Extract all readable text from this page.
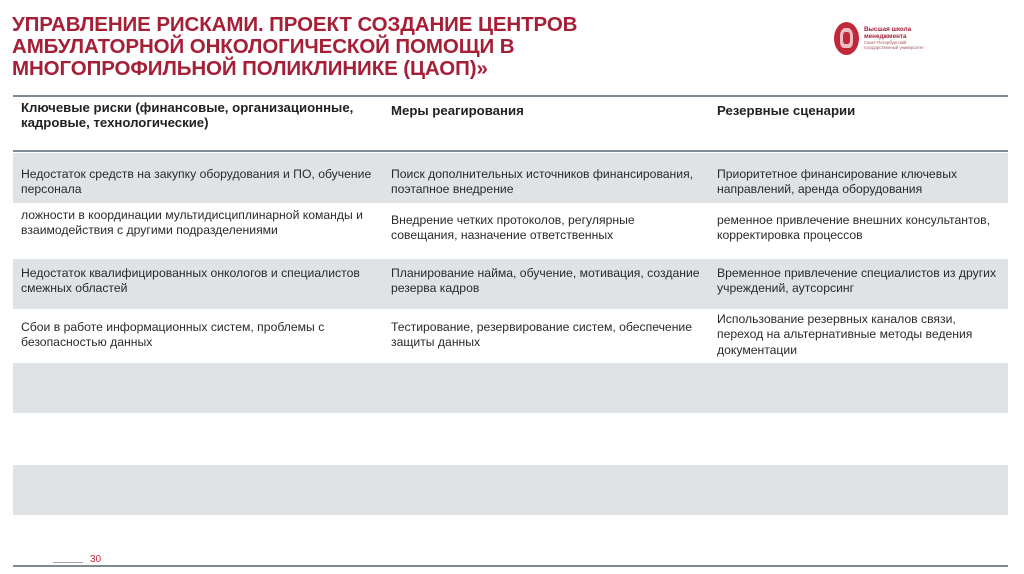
УПРАВЛЕНИЕ РИСКАМИ. ПРОЕКТ СОЗДАНИЕ ЦЕНТРОВ
АМБУЛАТОРНОЙ ОНКОЛОГИЧЕСКОЙ ПОМОЩИ В
МНОГОПРОФИЛЬНОЙ ПОЛИКЛИНИКЕ (ЦАОП)»
Высшая школа
менеджмента
Санкт-Петербургский
государственный университет
Ключевые риски (финансовые, организационные, кадровые, технологические)
Меры реагирования	Резервные сценарии
Недостаток средств на закупку оборудования и ПО, обучение персонала
Поиск дополнительных источников финансирования, поэтапное внедрение
Приоритетное финансирование ключевых направлений, аренда оборудования
ложности в координации мультидисциплинарной команды и взаимодействия с другими подразделениями
Внедрение четких протоколов, регулярные совещания, назначение ответственных
ременное привлечение внешних консультантов, корректировка процессов
Недостаток квалифицированных онкологов и специалистов смежных областей
Планирование найма, обучение, мотивация, создание резерва кадров
Временное привлечение специалистов из других учреждений, аутсорсинг
Сбои в работе информационных систем, проблемы с безопасностью данных
Тестирование, резервирование систем, обеспечение защиты данных
Использование резервных каналов связи, переход на альтернативные методы ведения документации
30
